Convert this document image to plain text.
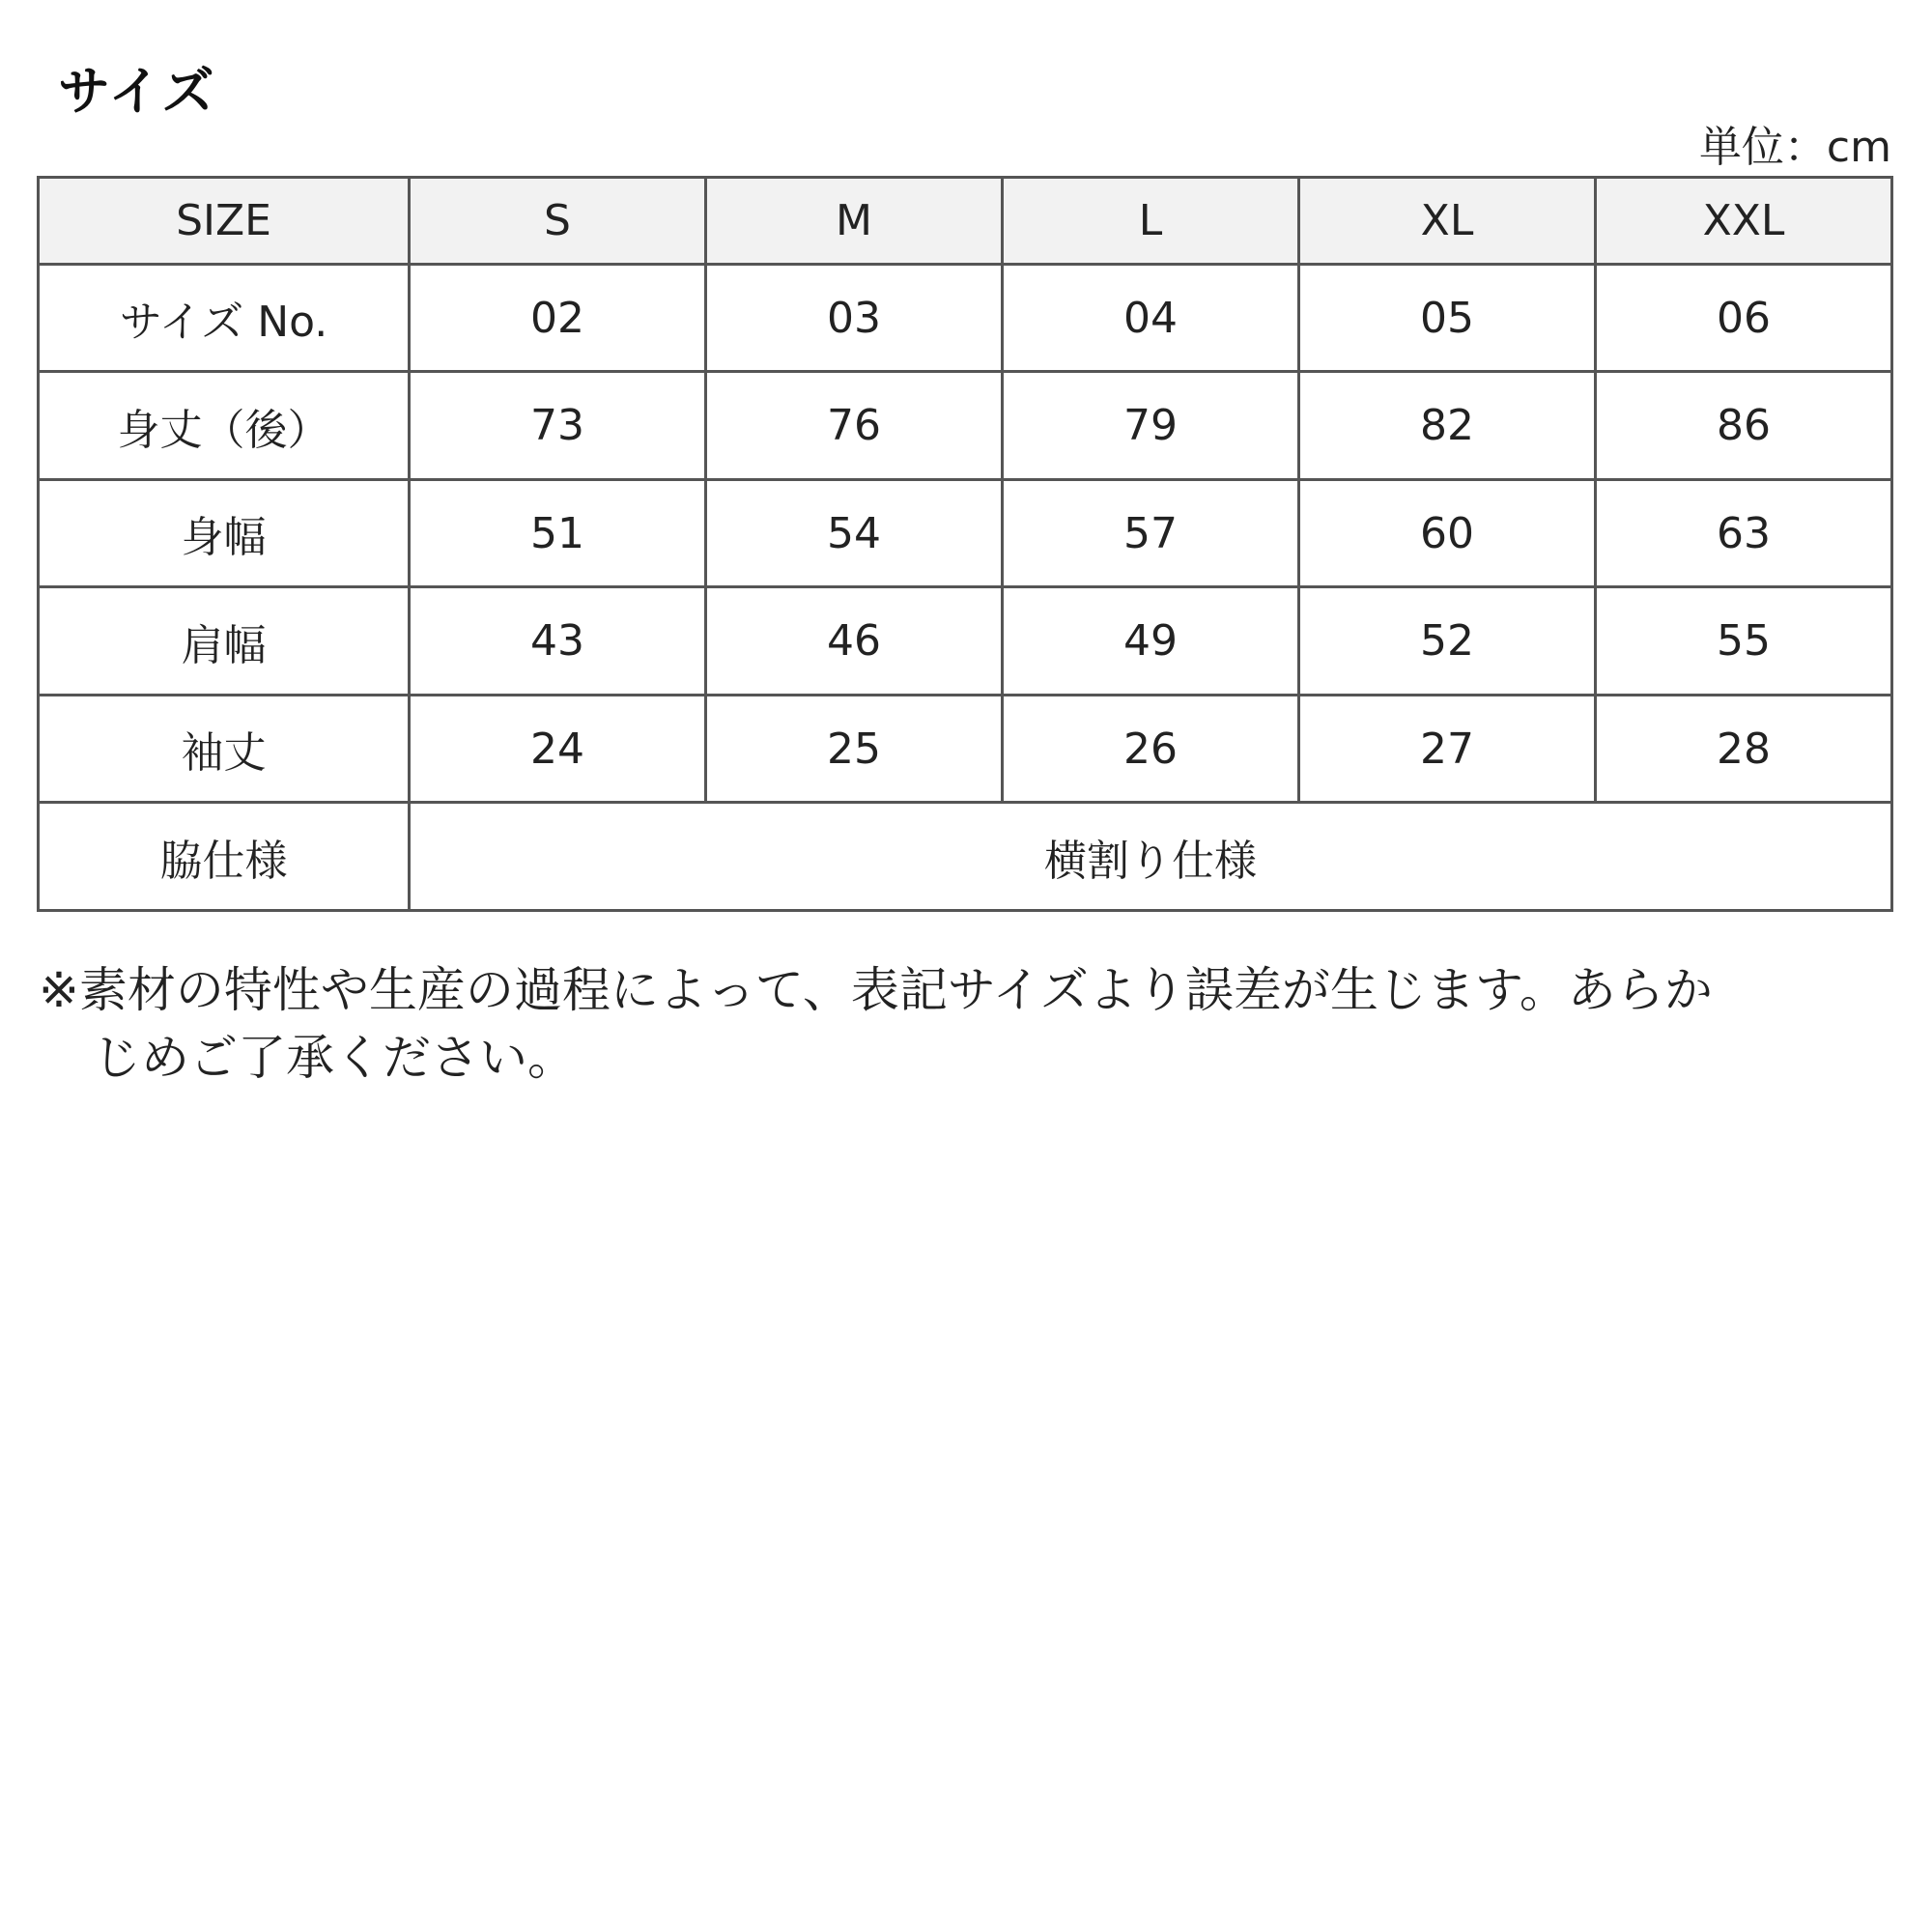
サイズ
単位：cm
SIZE	S	M	L	XL	XXL
サイズ No.	02	03	04	05	06
身丈（後）	73	76	79	82	86
身幅	51	54	57	60	63
肩幅	43	46	49	52	55
袖丈	24	25	26	27	28
脇仕様	横割り仕様				
※素材の特性や生産の過程によって、表記サイズより誤差が生じます。あらか
じめご了承ください。
